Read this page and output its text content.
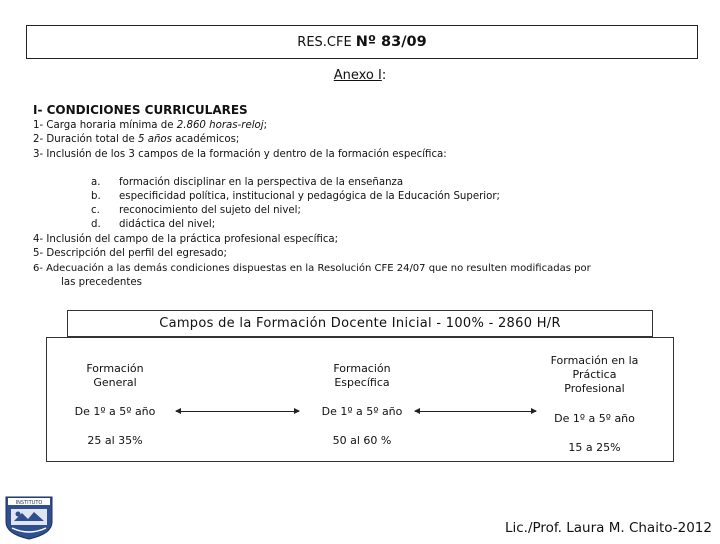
RES.CFE Nº 83/09
Anexo I:
I- CONDICIONES CURRICULARES
1- Carga horaria mínima de 2.860 horas-reloj;
2- Duración total de 5 años académicos;
3- Inclusión de los 3 campos de la formación y dentro de la formación específica:
a. formación disciplinar en la perspectiva de la enseñanza
b. especificidad política, institucional y pedagógica de la Educación Superior;
c. reconocimiento del sujeto del nivel;
d. didáctica del nivel;
4- Inclusión del campo de la práctica profesional específica;
5- Descripción del perfil del egresado;
6- Adecuación a las demás condiciones dispuestas en la Resolución CFE 24/07 que no resulten modificadas por
las precedentes
Campos de la Formación Docente Inicial - 100% - 2860 H/R
Formación
General
De 1º a 5º año
25 al 35%
Formación
Específica
De 1º a 5º año
50 al 60 %
Formación en la
Práctica
Profesional
De 1º a 5º año
15 a 25%
INSTITUTO
Lic./Prof. Laura M. Chaito-2012
